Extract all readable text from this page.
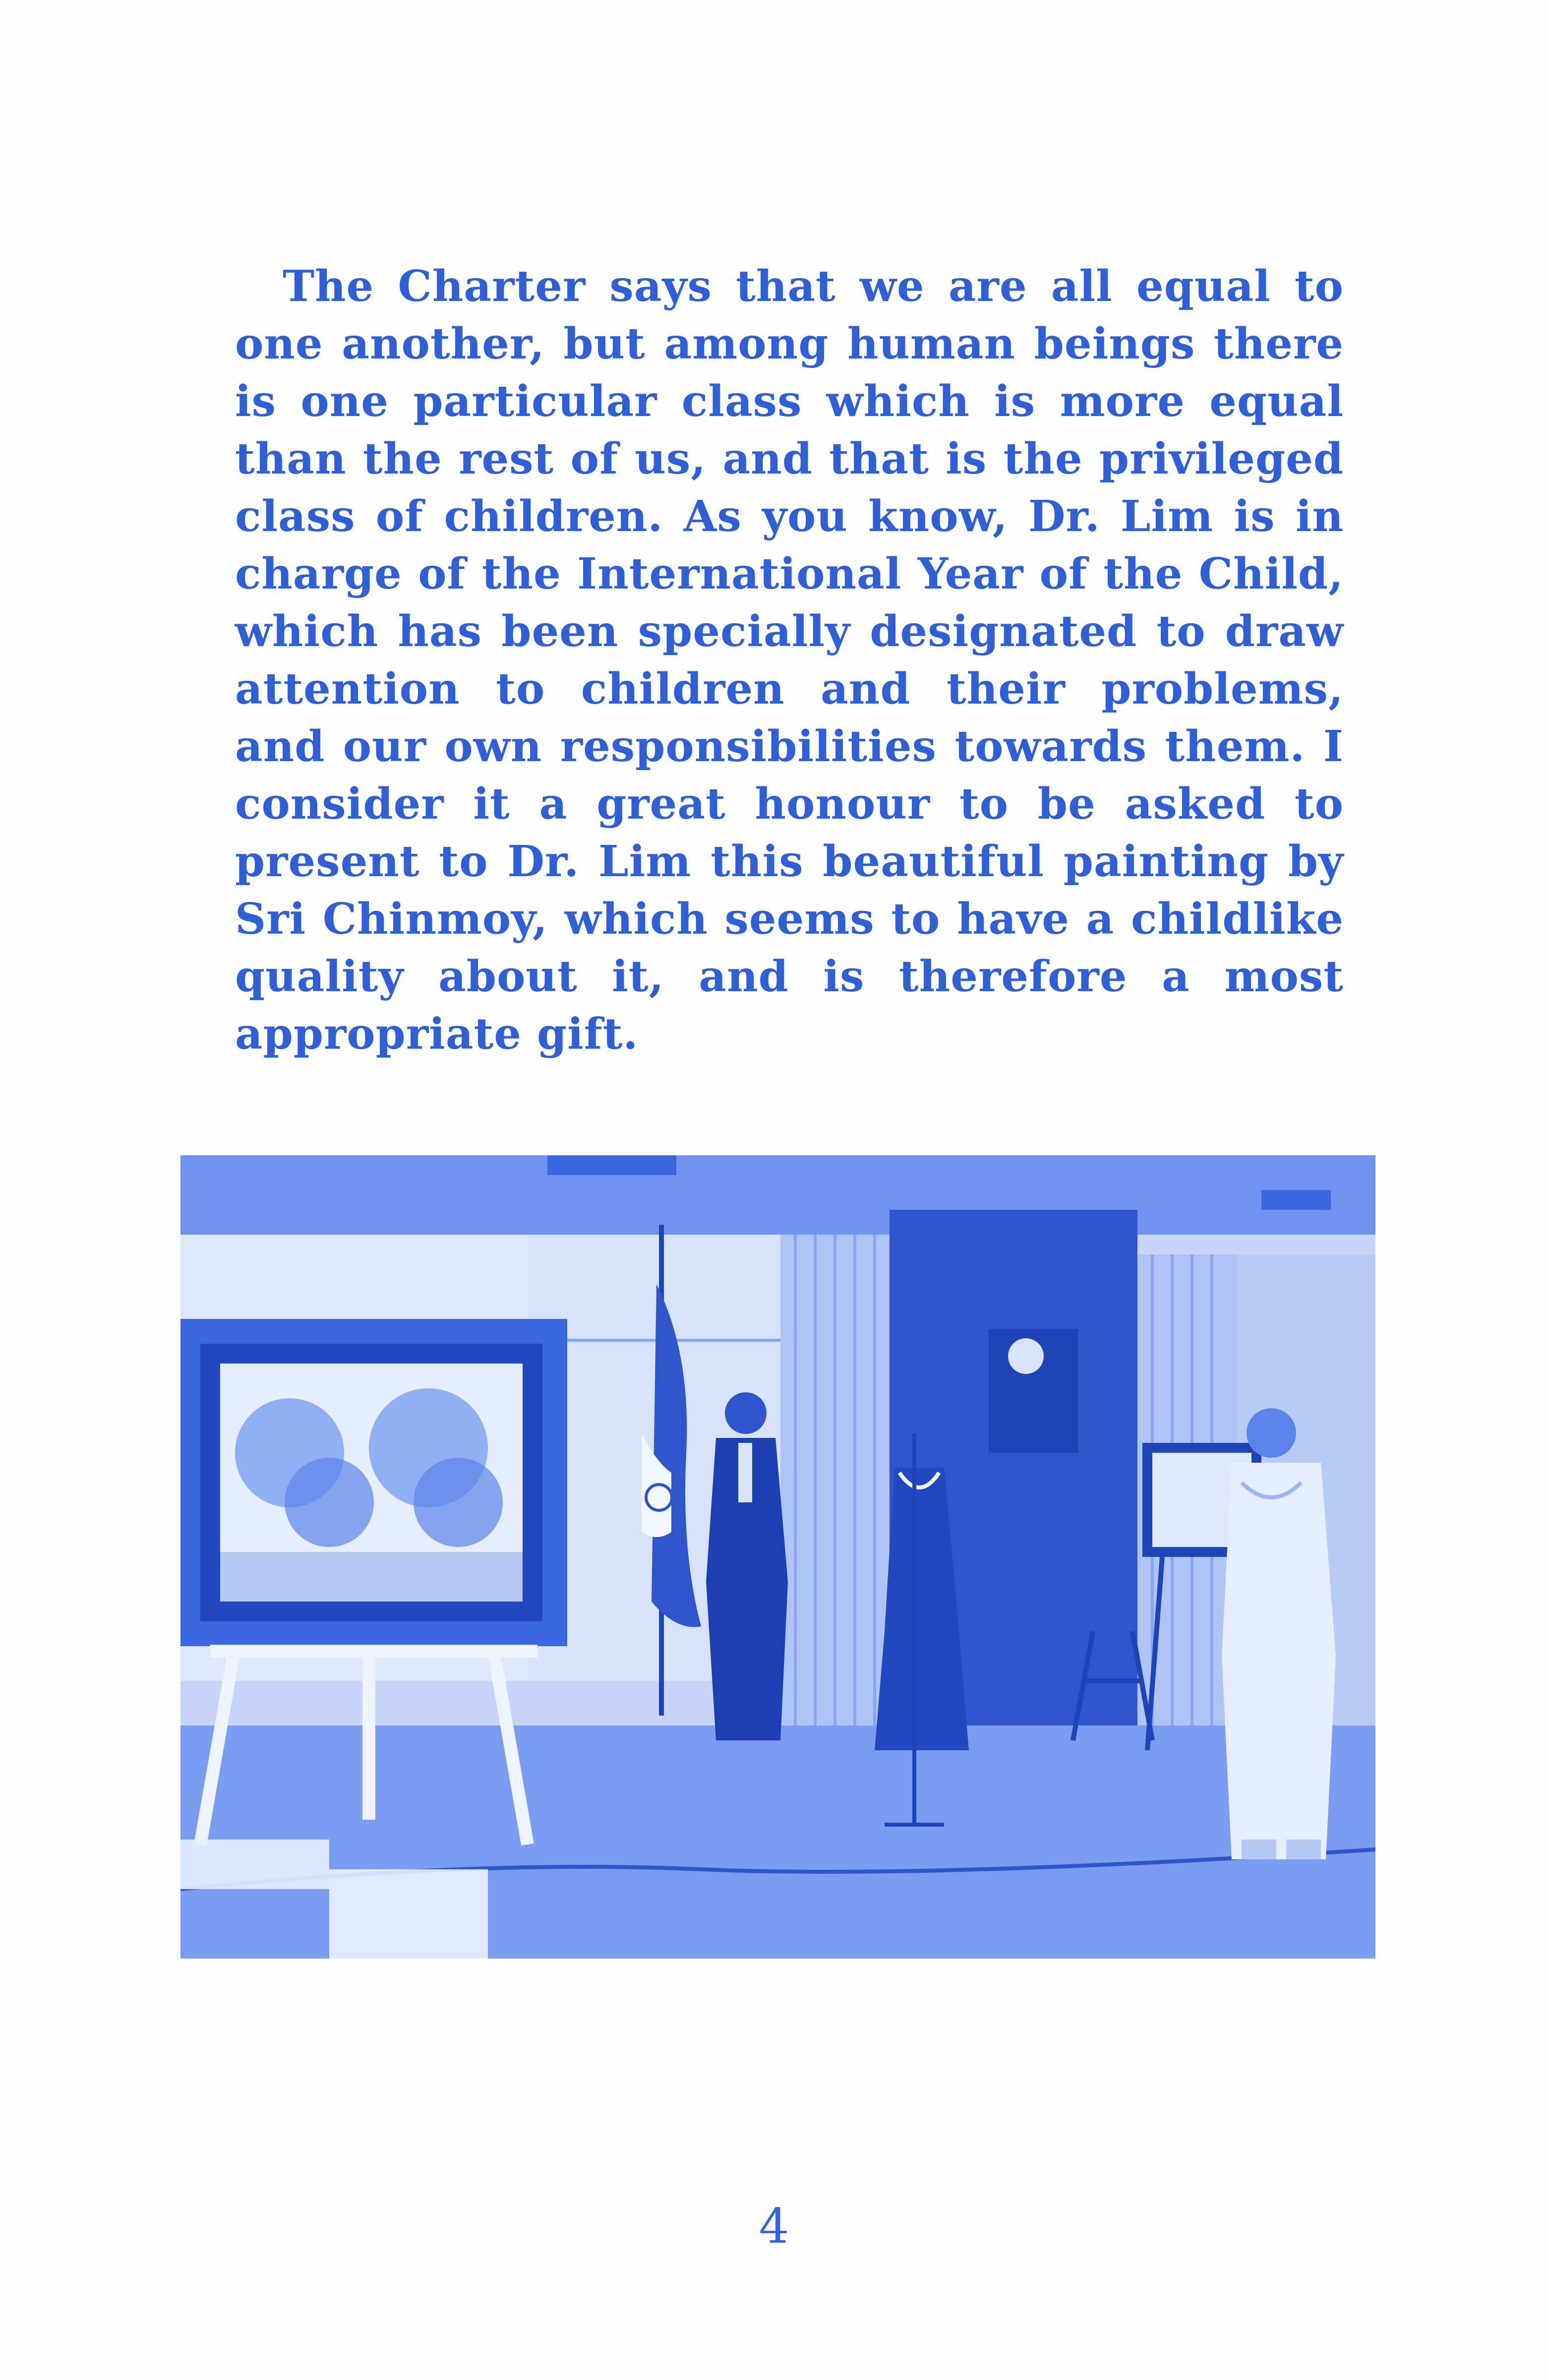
The Charter says that we are all equal to one another, but among human beings there is one particular class which is more equal than the rest of us, and that is the privileged class of children. As you know, Dr. Lim is in charge of the International Year of the Child, which has been specially designated to draw attention to children and their problems, and our own responsibilities towards them. I consider it a great honour to be asked to present to Dr. Lim this beautiful painting by Sri Chinmoy, which seems to have a childlike quality about it, and is therefore a most appropriate gift.

4
